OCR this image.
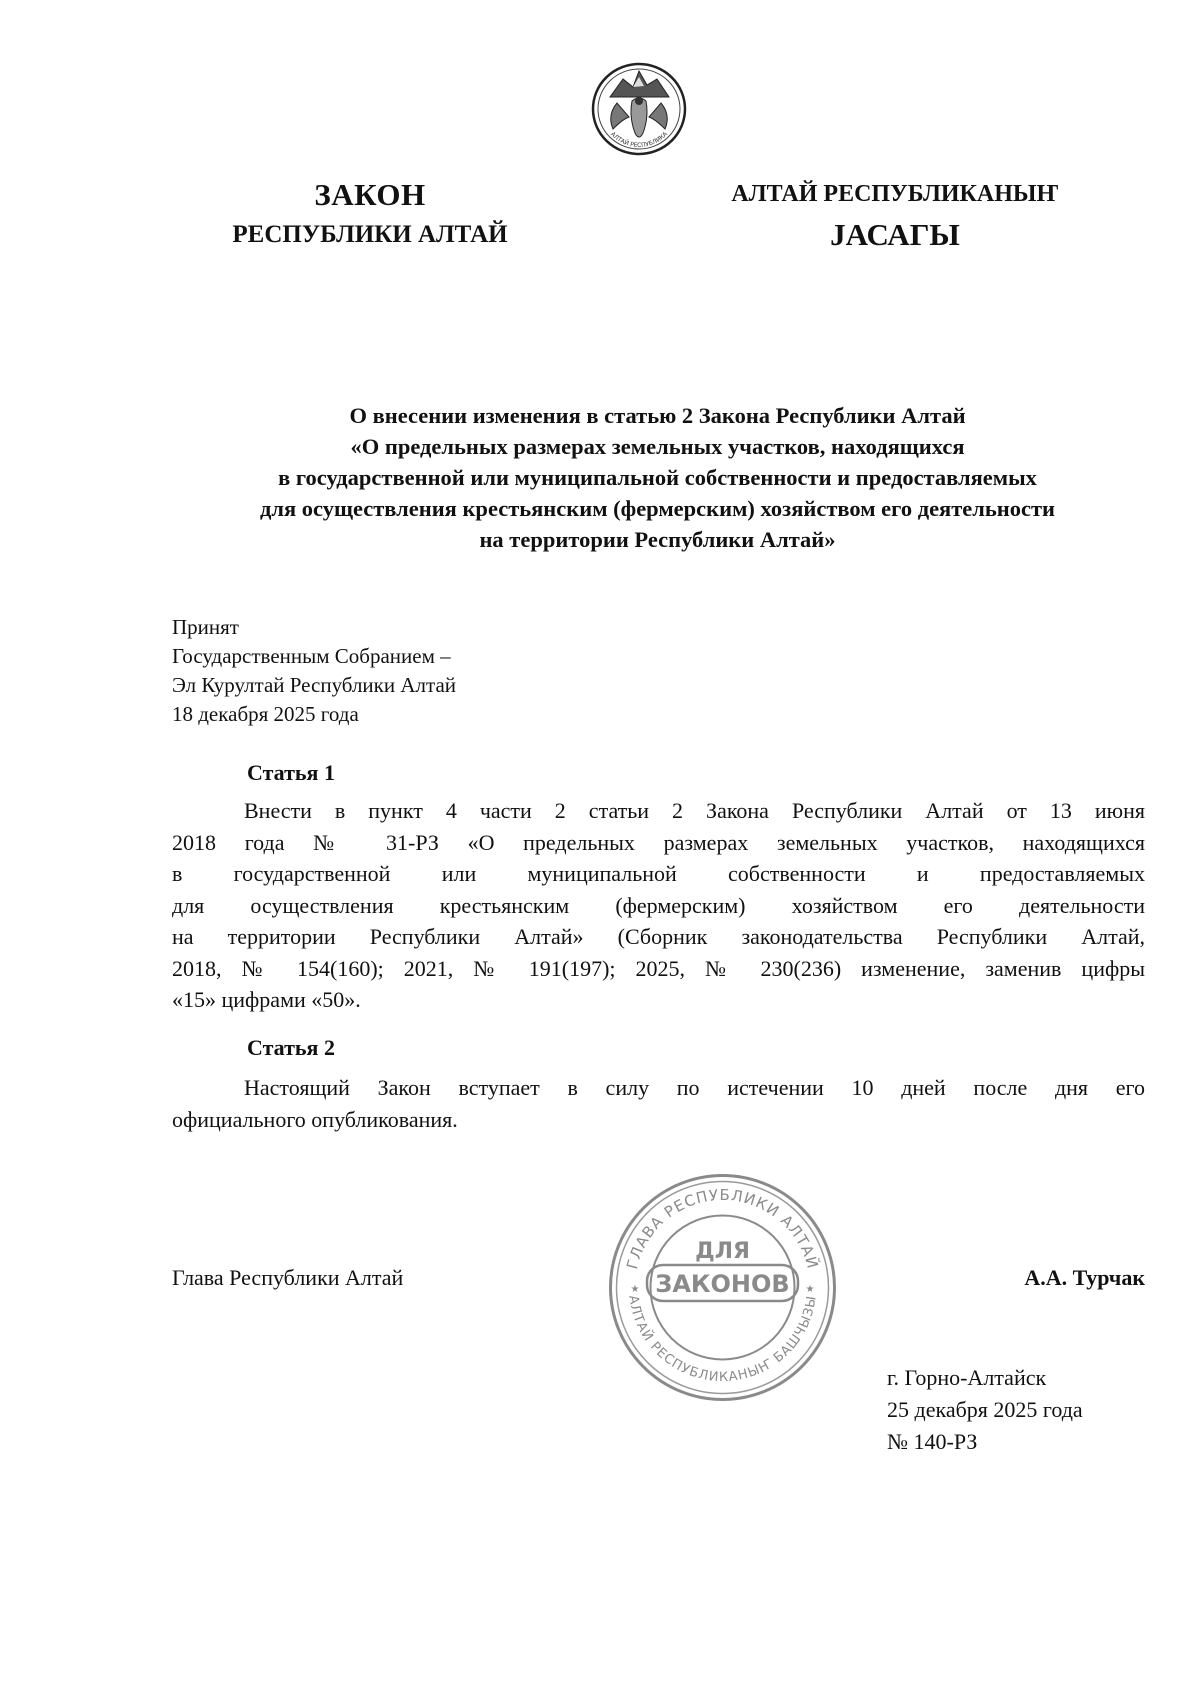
АЛТАЙ РЕСПУБЛИКА
ЗАКОН
РЕСПУБЛИКИ АЛТАЙ
АЛТАЙ РЕСПУБЛИКАНЫҤ
JАСАГЫ
О внесении изменения в статью 2 Закона Республики Алтай
«О предельных размерах земельных участков, находящихся
в государственной или муниципальной собственности и предоставляемых
для осуществления крестьянским (фермерским) хозяйством его деятельности
на территории Республики Алтай»
Принят
Государственным Собранием –
Эл Курултай Республики Алтай
18 декабря 2025 года
Статья 1
Внести в пункт 4 части 2 статьи 2 Закона Республики Алтай от 13 июня
2018 года № 31-РЗ «О предельных размерах земельных участков, находящихся
в государственной или муниципальной собственности и предоставляемых
для осуществления крестьянским (фермерским) хозяйством его деятельности
на территории Республики Алтай» (Сборник законодательства Республики Алтай,
2018, № 154(160); 2021, № 191(197); 2025, № 230(236) изменение, заменив цифры
«15» цифрами «50».
Статья 2
Настоящий Закон вступает в силу по истечении 10 дней после дня его
официального опубликования.
Глава Республики Алтай
ГЛАВА РЕСПУБЛИКИ АЛТАЙ
АЛТАЙ РЕСПУБЛИКАНЫҤ БАШЧЫЗЫ
ДЛЯ
ЗАКОНОВ
★	★	А.А. Турчак
г. Горно-Алтайск
25 декабря 2025 года
№ 140-РЗ
